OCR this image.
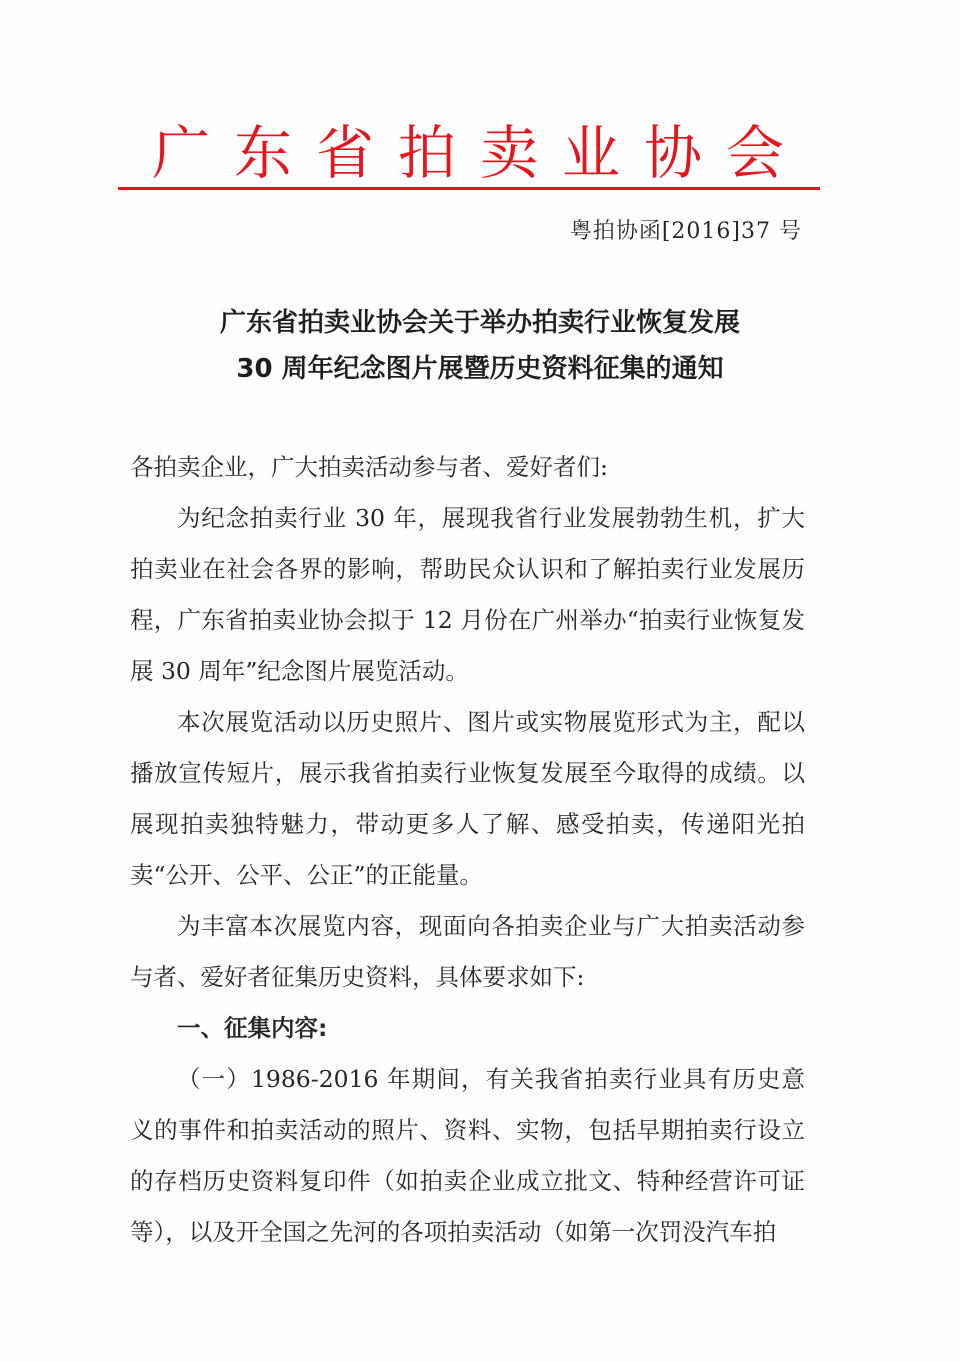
广东省拍卖业协会
粤拍协函[2016]37 号
广东省拍卖业协会关于举办拍卖行业恢复发展
30 周年纪念图片展暨历史资料征集的通知

各拍卖企业，广大拍卖活动参与者、爱好者们:

为纪念拍卖行业 30 年，展现我省行业发展勃勃生机，扩大拍卖业在社会各界的影响，帮助民众认识和了解拍卖行业发展历程，广东省拍卖业协会拟于 12 月份在广州举办“拍卖行业恢复发展 30 周年”纪念图片展览活动。

本次展览活动以历史照片、图片或实物展览形式为主，配以播放宣传短片，展示我省拍卖行业恢复发展至今取得的成绩。以展现拍卖独特魅力，带动更多人了解、感受拍卖，传递阳光拍卖“公开、公平、公正”的正能量。

为丰富本次展览内容，现面向各拍卖企业与广大拍卖活动参与者、爱好者征集历史资料，具体要求如下:

一、征集内容:

（一）1986-2016 年期间，有关我省拍卖行业具有历史意义的事件和拍卖活动的照片、资料、实物，包括早期拍卖行设立的存档历史资料复印件（如拍卖企业成立批文、特种经营许可证等），以及开全国之先河的各项拍卖活动（如第一次罚没汽车拍
